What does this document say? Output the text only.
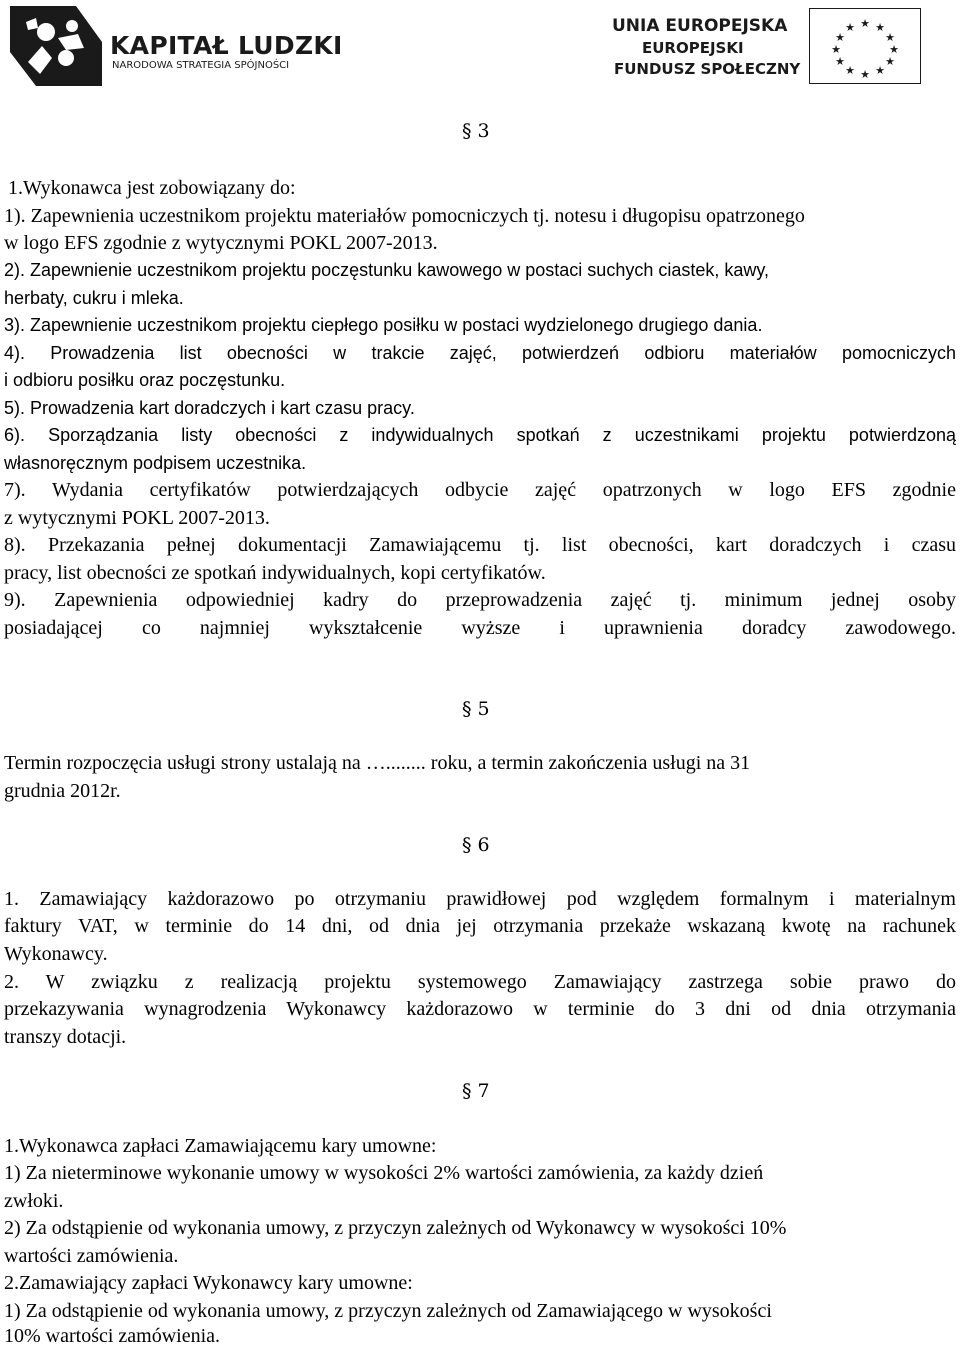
KAPITAŁ LUDZKI
NARODOWA STRATEGIA SPÓJNOŚCI
UNIA EUROPEJSKA
EUROPEJSKI
FUNDUSZ SPOŁECZNY
★ ★
★
★
★
★
★
★
★
★
★
★
§ 3
1.Wykonawca jest zobowiązany do:
1). Zapewnienia uczestnikom projektu materiałów pomocniczych tj. notesu i długopisu opatrzonego
w logo EFS zgodnie z wytycznymi POKL 2007-2013.
2). Zapewnienie uczestnikom projektu poczęstunku kawowego w postaci suchych ciastek, kawy,
herbaty, cukru i mleka.
3). Zapewnienie uczestnikom projektu ciepłego posiłku w postaci wydzielonego drugiego dania.
4). Prowadzenia list obecności w trakcie zajęć, potwierdzeń odbioru materiałów pomocniczych
i odbioru posiłku oraz poczęstunku.
5). Prowadzenia kart doradczych i kart czasu pracy.
6). Sporządzania listy obecności z indywidualnych spotkań z uczestnikami projektu potwierdzoną
własnoręcznym podpisem uczestnika.
7). Wydania certyfikatów potwierdzających odbycie zajęć opatrzonych w logo EFS zgodnie
z wytycznymi POKL 2007-2013.
8). Przekazania pełnej dokumentacji Zamawiającemu tj. list obecności, kart doradczych i czasu
pracy, list obecności ze spotkań indywidualnych, kopi certyfikatów.
9). Zapewnienia odpowiedniej kadry do przeprowadzenia zajęć tj. minimum jednej osoby
posiadającej co najmniej wykształcenie wyższe i uprawnienia doradcy zawodowego.
§ 5
Termin rozpoczęcia usługi strony ustalają na …........ roku, a termin zakończenia usługi na 31
grudnia 2012r.
§ 6
1. Zamawiający każdorazowo po otrzymaniu prawidłowej pod względem formalnym i materialnym
faktury VAT, w terminie do 14 dni, od dnia jej otrzymania przekaże wskazaną kwotę na rachunek
Wykonawcy.
2. W związku z realizacją projektu systemowego Zamawiający zastrzega sobie prawo do
przekazywania wynagrodzenia Wykonawcy każdorazowo w terminie do 3 dni od dnia otrzymania
transzy dotacji.
§ 7
1.Wykonawca zapłaci Zamawiającemu kary umowne:
1) Za nieterminowe wykonanie umowy w wysokości 2% wartości zamówienia, za każdy dzień
zwłoki.
2) Za odstąpienie od wykonania umowy, z przyczyn zależnych od Wykonawcy w wysokości 10%
wartości zamówienia.
2.Zamawiający zapłaci Wykonawcy kary umowne:
1) Za odstąpienie od wykonania umowy, z przyczyn zależnych od Zamawiającego w wysokości
10% wartości zamówienia.
